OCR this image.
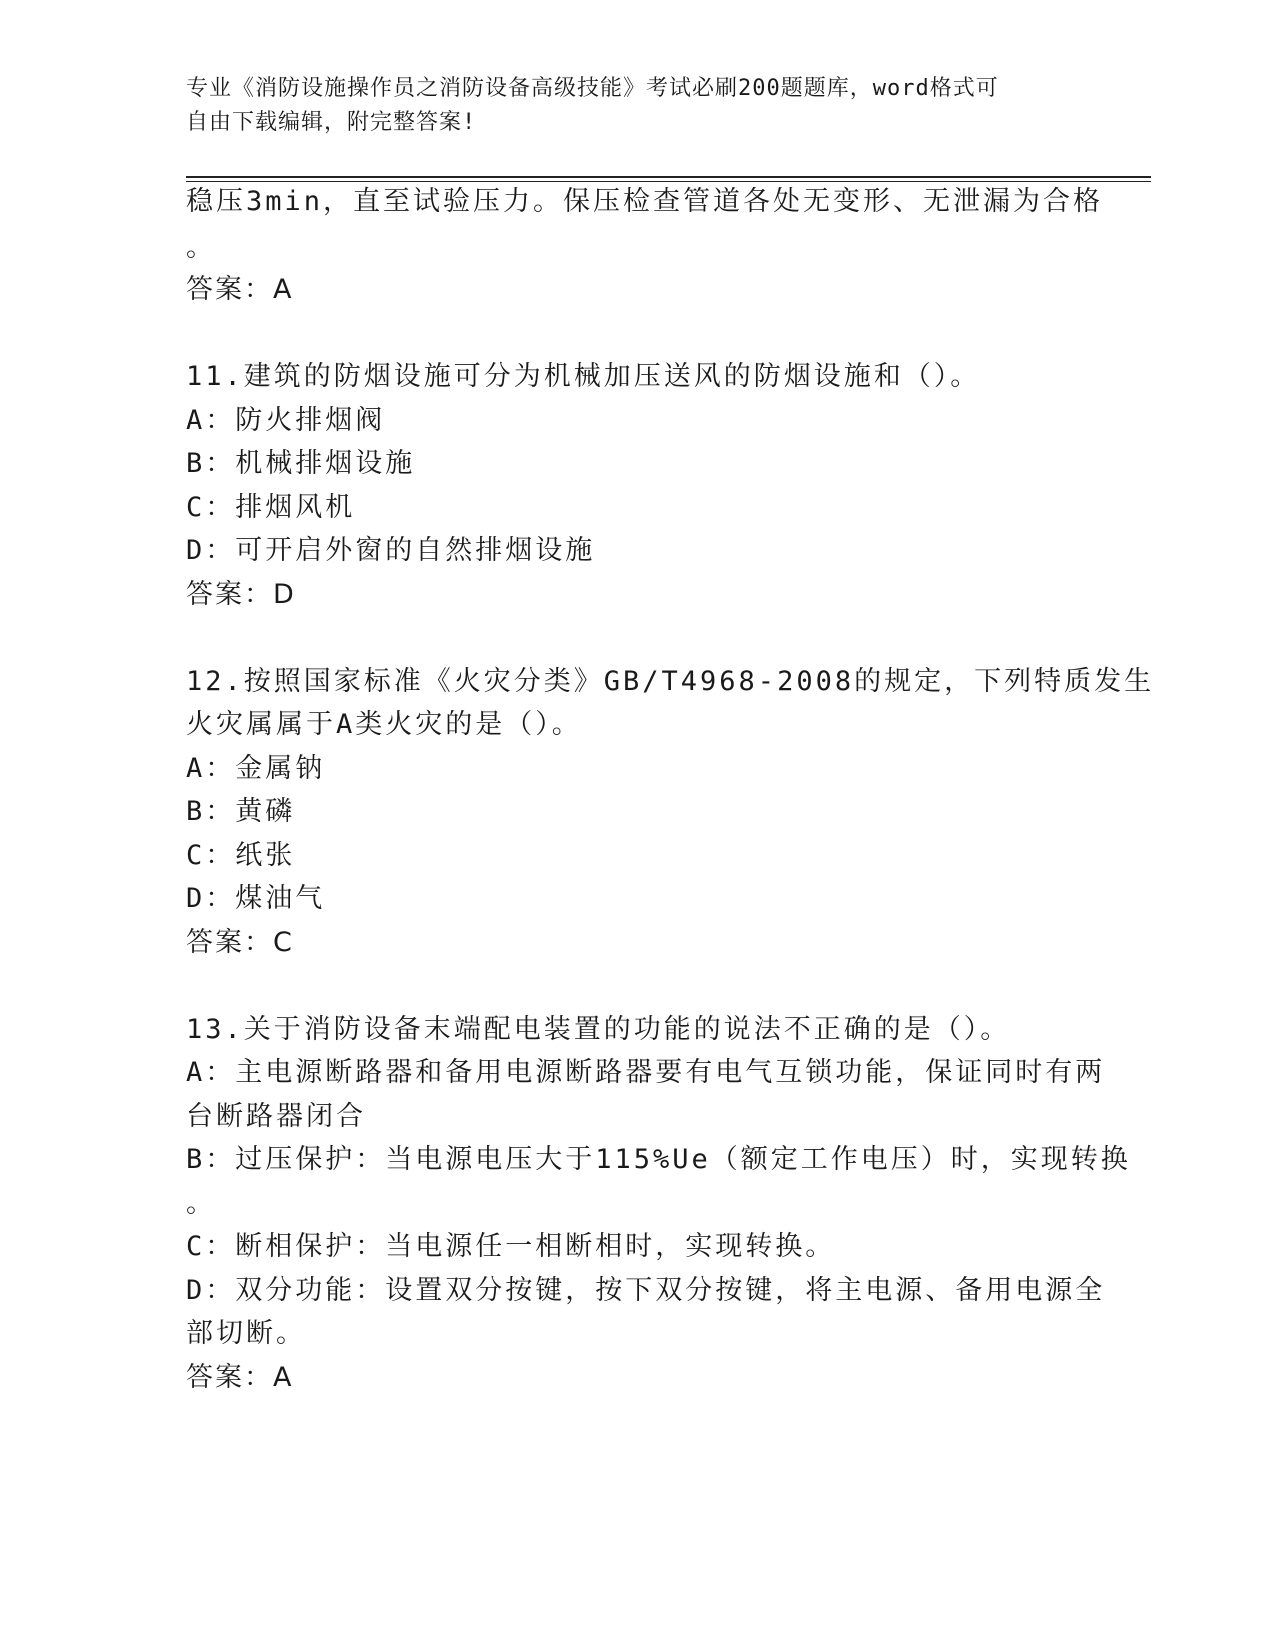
专业《消防设施操作员之消防设备高级技能》考试必刷200题题库，word格式可
自由下载编辑，附完整答案!
稳压3min，直至试验压力。保压检查管道各处无变形、无泄漏为合格
。
答案：A
11.建筑的防烟设施可分为机械加压送风的防烟设施和（）。
A：防火排烟阀
B：机械排烟设施
C：排烟风机
D：可开启外窗的自然排烟设施
答案：D
12.按照国家标准《火灾分类》GB/T4968-2008的规定，下列特质发生
火灾属属于A类火灾的是（）。
A：金属钠
B：黄磷
C：纸张
D：煤油气
答案：C
13.关于消防设备末端配电装置的功能的说法不正确的是（）。
A：主电源断路器和备用电源断路器要有电气互锁功能，保证同时有两
台断路器闭合
B：过压保护：当电源电压大于115%Ue（额定工作电压）时，实现转换
。
C：断相保护：当电源任一相断相时，实现转换。
D：双分功能：设置双分按键，按下双分按键，将主电源、备用电源全
部切断。
答案：A
